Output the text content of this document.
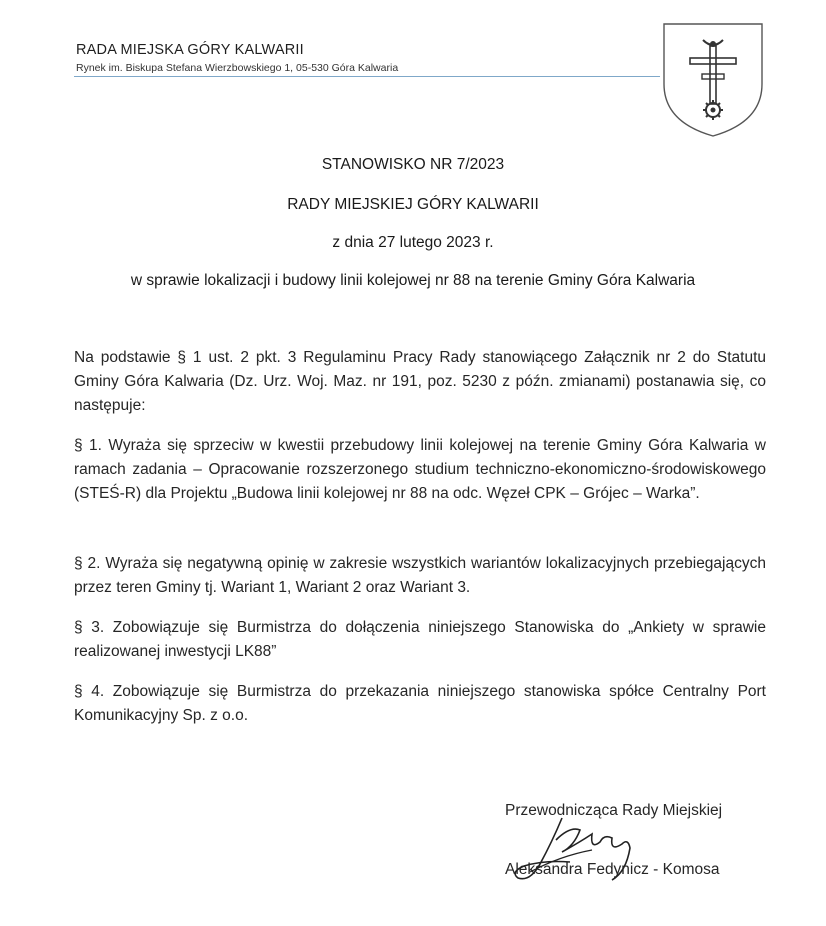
RADA MIEJSKA GÓRY KALWARII
Rynek im. Biskupa Stefana Wierzbowskiego 1, 05-530 Góra Kalwaria
STANOWISKO NR 7/2023
RADY MIEJSKIEJ GÓRY KALWARII
z dnia 27 lutego 2023 r.
w sprawie lokalizacji i budowy linii kolejowej nr 88 na terenie Gminy Góra Kalwaria
Na podstawie § 1 ust. 2 pkt. 3 Regulaminu Pracy Rady stanowiącego Załącznik nr 2 do Statutu Gminy Góra Kalwaria (Dz. Urz. Woj. Maz. nr 191, poz. 5230 z późn. zmianami) postanawia się, co następuje:
§ 1. Wyraża się sprzeciw w kwestii przebudowy linii kolejowej na terenie Gminy Góra Kalwaria w ramach zadania – Opracowanie rozszerzonego studium techniczno-ekonomiczno-środowiskowego (STEŚ-R) dla Projektu „Budowa linii kolejowej nr 88 na odc. Węzeł CPK – Grójec – Warka”.
§ 2. Wyraża się negatywną opinię w zakresie wszystkich wariantów lokalizacyjnych przebiegających przez teren Gminy tj. Wariant 1, Wariant 2 oraz Wariant 3.
§ 3. Zobowiązuje się Burmistrza do dołączenia niniejszego Stanowiska do „Ankiety w sprawie realizowanej inwestycji LK88”
§ 4. Zobowiązuje się Burmistrza do przekazania niniejszego stanowiska spółce Centralny Port Komunikacyjny Sp. z o.o.
Przewodnicząca Rady Miejskiej
Aleksandra Fedynicz - Komosa
